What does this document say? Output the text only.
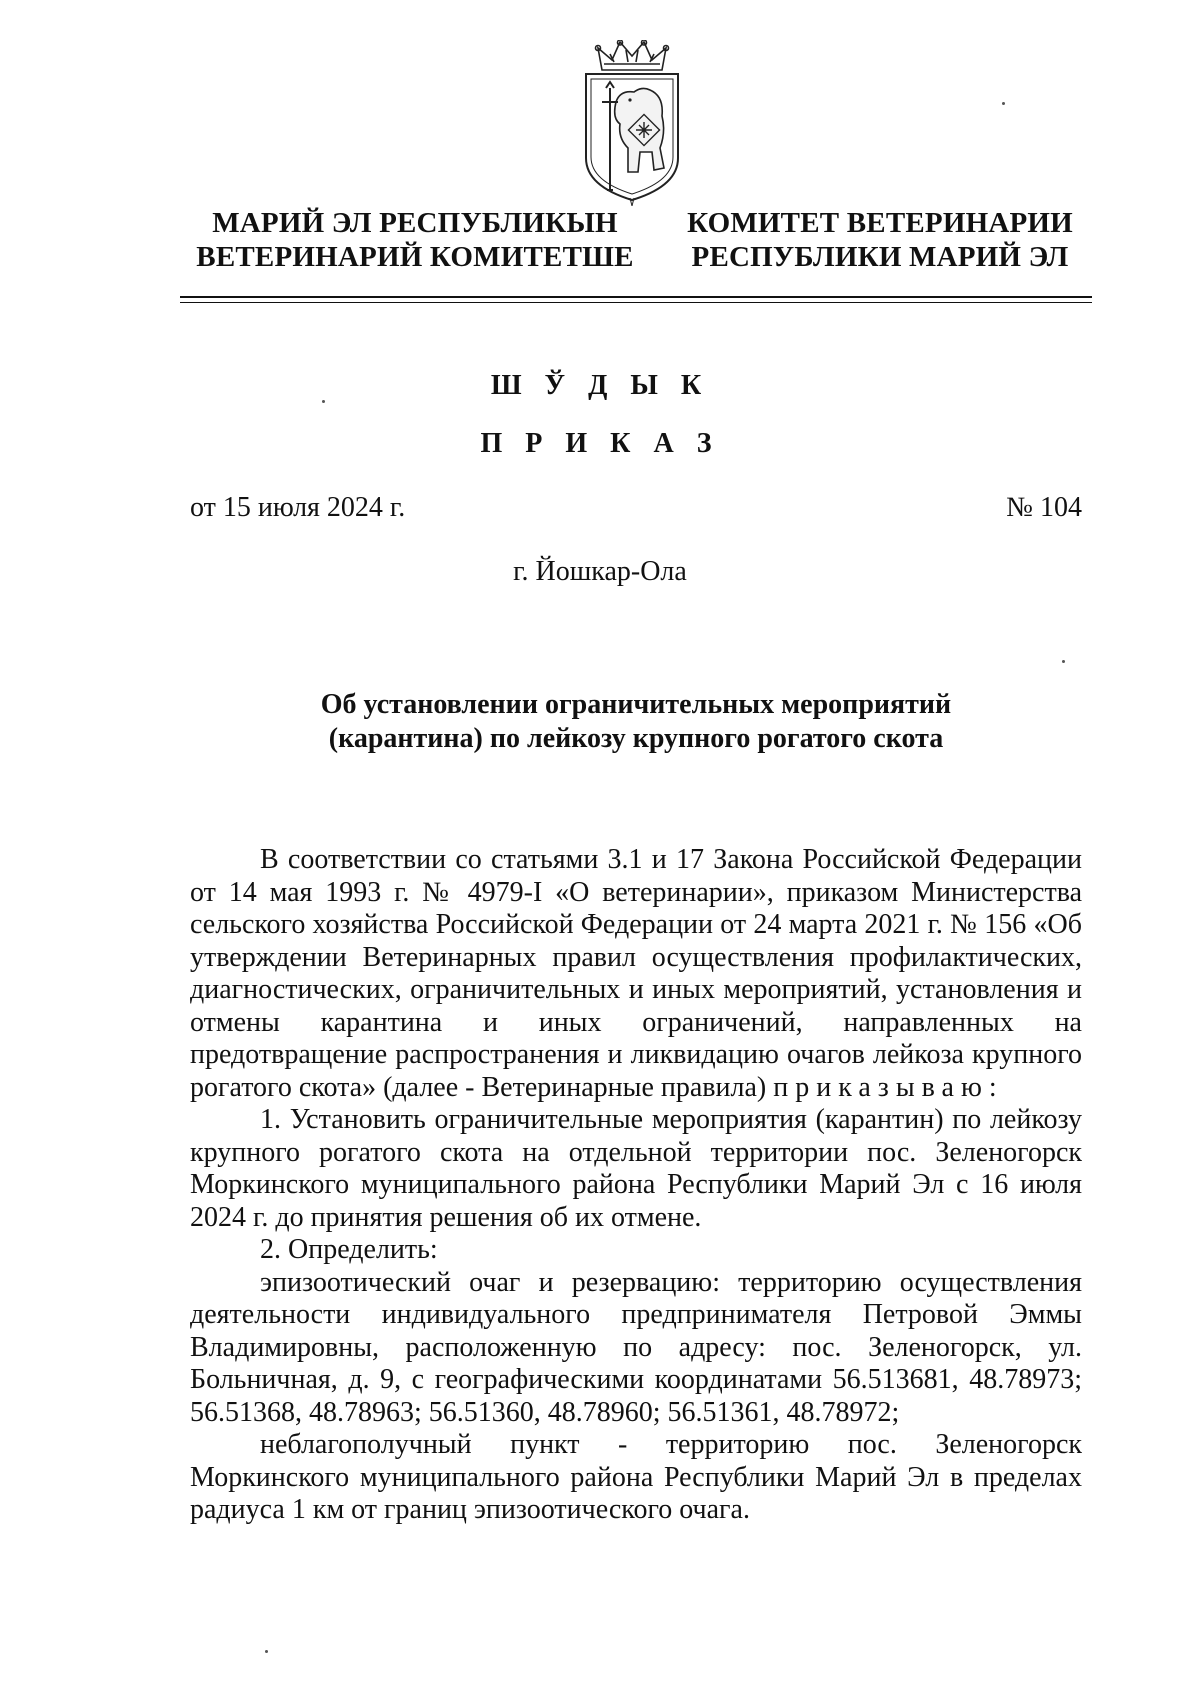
МАРИЙ ЭЛ РЕСПУБЛИКЫН
ВЕТЕРИНАРИЙ КОМИТЕТШЕ
КОМИТЕТ ВЕТЕРИНАРИИ
РЕСПУБЛИКИ МАРИЙ ЭЛ
Ш Ў Д Ы К
П Р И К А З
от 15 июля 2024 г.	№ 104
г. Йошкар-Ола
Об установлении ограничительных мероприятий
(карантина) по лейкозу крупного рогатого скота

В соответствии со статьями 3.1 и 17 Закона Российской Федерации от 14 мая 1993 г. № 4979-I «О ветеринарии», приказом Министерства сельского хозяйства Российской Федерации от 24 марта 2021 г. № 156 «Об утверждении Ветеринарных правил осуществления профилактических, диагностических, ограничительных и иных мероприятий, установления и отмены карантина и иных ограничений, направленных на предотвращение распространения и ликвидацию очагов лейкоза крупного рогатого скота» (далее - Ветеринарные правила) приказываю:

1. Установить ограничительные мероприятия (карантин) по лейкозу крупного рогатого скота на отдельной территории пос. Зеленогорск Моркинского муниципального района Республики Марий Эл с 16 июля 2024 г. до принятия решения об их отмене.

2. Определить:

эпизоотический очаг и резервацию: территорию осуществления деятельности индивидуального предпринимателя Петровой Эммы Владимировны, расположенную по адресу: пос. Зеленогорск, ул. Больничная, д. 9, с географическими координатами 56.513681, 48.78973; 56.51368, 48.78963; 56.51360, 48.78960; 56.51361, 48.78972;

неблагополучный пункт - территорию пос. Зеленогорск Моркинского муниципального района Республики Марий Эл в пределах радиуса 1 км от границ эпизоотического очага.
